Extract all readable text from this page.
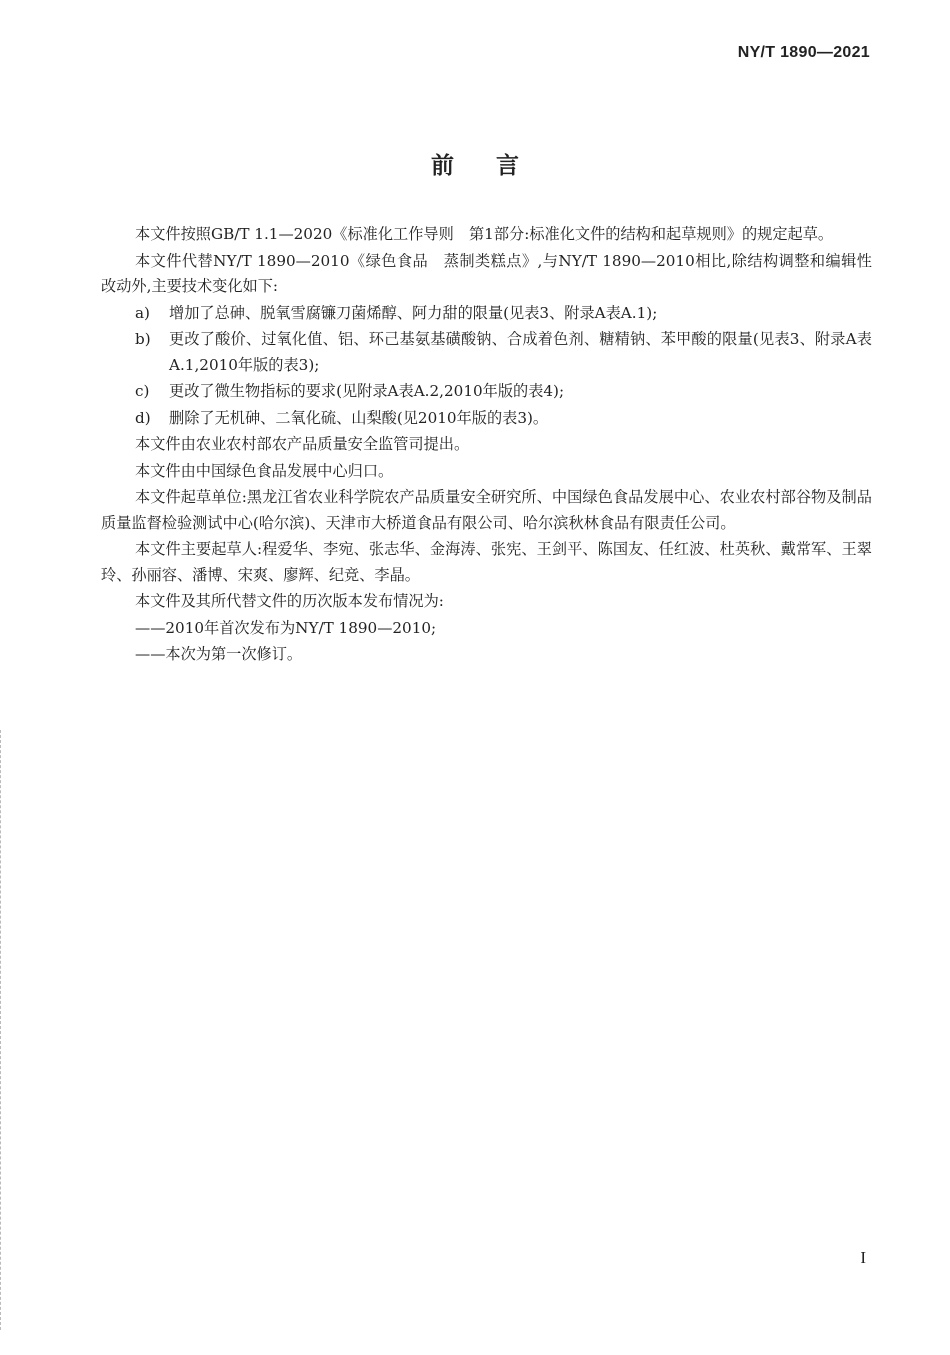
NY/T 1890—2021
前言

本文件按照GB/T 1.1—2020《标准化工作导则　第1部分:标准化文件的结构和起草规则》的规定起草。

本文件代替NY/T 1890—2010《绿色食品　蒸制类糕点》,与NY/T 1890—2010相比,除结构调整和编辑性改动外,主要技术变化如下:

a)	增加了总砷、脱氧雪腐镰刀菌烯醇、阿力甜的限量(见表3、附录A表A.1);
b)	更改了酸价、过氧化值、铝、环己基氨基磺酸钠、合成着色剂、糖精钠、苯甲酸的限量(见表3、附录A表A.1,2010年版的表3);
c)	更改了微生物指标的要求(见附录A表A.2,2010年版的表4);
d)	删除了无机砷、二氧化硫、山梨酸(见2010年版的表3)。

本文件由农业农村部农产品质量安全监管司提出。

本文件由中国绿色食品发展中心归口。

本文件起草单位:黑龙江省农业科学院农产品质量安全研究所、中国绿色食品发展中心、农业农村部谷物及制品质量监督检验测试中心(哈尔滨)、天津市大桥道食品有限公司、哈尔滨秋林食品有限责任公司。

本文件主要起草人:程爱华、李宛、张志华、金海涛、张宪、王剑平、陈国友、任红波、杜英秋、戴常军、王翠玲、孙丽容、潘博、宋爽、廖辉、纪竞、李晶。

本文件及其所代替文件的历次版本发布情况为:

——2010年首次发布为NY/T 1890—2010;

——本次为第一次修订。

I
